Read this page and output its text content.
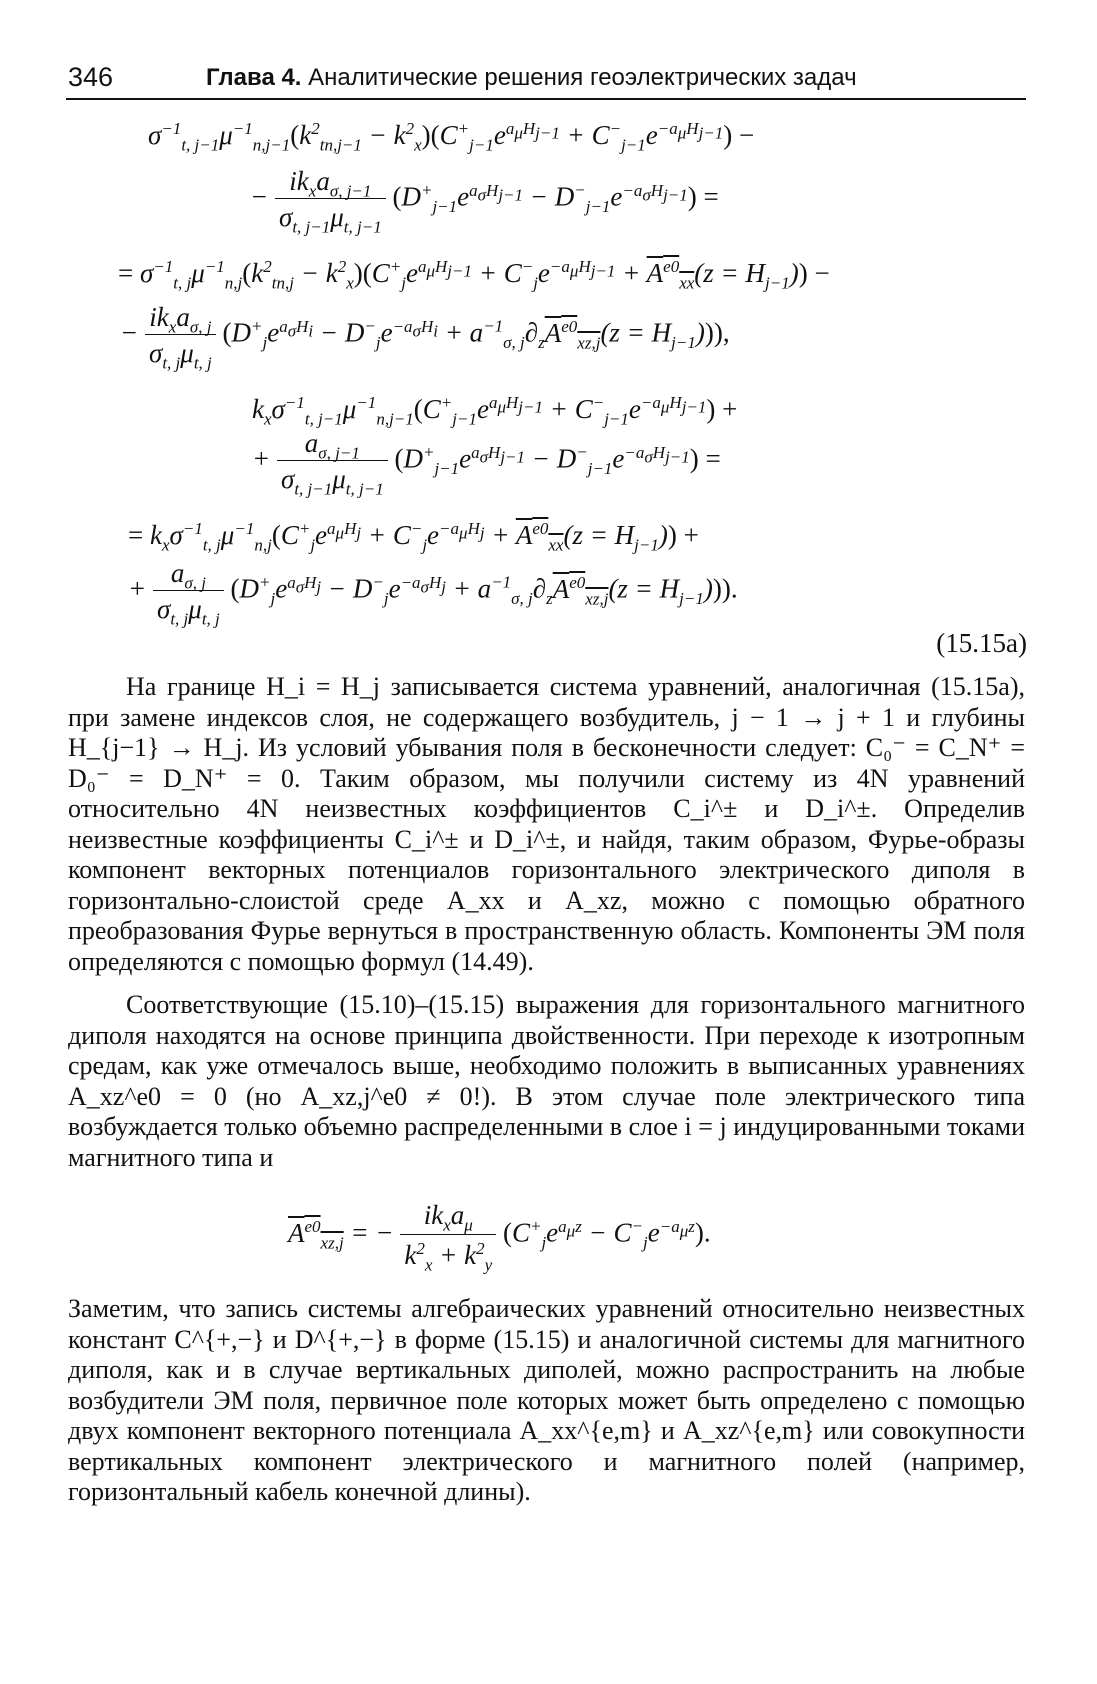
346	Глава 4. Аналитические решения геоэлектрических задач
$\sigma^{-1}_{t, j-1}\mu^{-1}_{n,j-1}(k^2_{tn,j-1} - k^2_x)(C^+_{j-1}e^{a_\mu H_{j-1}} + C^-_{j-1}e^{-a_\mu H_{j-1}})$ −
− $\frac{ik_xa_{\sigma, j-1}}{\sigma_{t, j-1}\mu_{t, j-1}} (D^+_{j-1}e^{a_\sigma H_{j-1}} - D^-_{j-1}e^{-a_\sigma H_{j-1}})$ =
= $\sigma^{-1}_{t, j}\mu^{-1}_{n,j}(k^2_{tn,j} - k^2_x)(C^+_je^{a_\mu H_{j-1}} + C^-_je^{-a_\mu H_{j-1}} + A^{e0}_{xx}(z = H_{j-1}))$ −
− $\frac{ik_xa_{\sigma, j}}{\sigma_{t, j}\mu_{t, j}} (D^+_je^{a_\sigma H_i} - D^-_je^{-a_\sigma H_i} + a^{-1}_{\sigma, j}\partial_zA^{e0}_{xz,j}(z = H_{j-1}))$),
$k_x\sigma^{-1}_{t, j-1}\mu^{-1}_{n,j-1}(C^+_{j-1}e^{a_\mu H_{j-1}} + C^-_{j-1}e^{-a_\mu H_{j-1}})$ +
+ $\frac{a_{\sigma, j-1}}{\sigma_{t, j-1}\mu_{t, j-1}} (D^+_{j-1}e^{a_\sigma H_{j-1}} - D^-_{j-1}e^{-a_\sigma H_{j-1}})$ =
= $k_x\sigma^{-1}_{t, j}\mu^{-1}_{n,j}(C^+_je^{a_\mu H_j} + C^-_je^{-a_\mu H_j} + A^{e0}_{xx}(z = H_{j-1}))$ +
+ $\frac{a_{\sigma, j}}{\sigma_{t, j}\mu_{t, j}} (D^+_je^{a_\sigma H_j} - D^-_je^{-a_\sigma H_j} + a^{-1}_{\sigma, j}\partial_zA^{e0}_{xz,j}(z = H_{j-1}))$).
(15.15a)

На границе H_i = H_j записывается система уравнений, аналогичная (15.15а), при замене индексов слоя, не содержащего возбудитель, j − 1 → j + 1 и глубины H_{j−1} → H_j. Из условий убывания поля в бесконечности следует: C₀⁻ = C_N⁺ = D₀⁻ = D_N⁺ = 0. Таким образом, мы получили систему из 4N уравнений относительно 4N неизвестных коэффициентов C_i^± и D_i^±. Определив неизвестные коэффициенты C_i^± и D_i^±, и найдя, таким образом, Фурье-образы компонент векторных потенциалов горизонтального электрического диполя в горизонтально-слоистой среде A_xx и A_xz, можно с помощью обратного преобразования Фурье вернуться в пространственную область. Компоненты ЭМ поля определяются с помощью формул (14.49).

Соответствующие (15.10)–(15.15) выражения для горизонтального магнитного диполя находятся на основе принципа двойственности. При переходе к изотропным средам, как уже отмечалось выше, необходимо положить в выписанных уравнениях A_xz^e0 = 0 (но A_xz,j^e0 ≠ 0!). В этом случае поле электрического типа возбуждается только объемно распределенными в слое i = j индуцированными токами магнитного типа и

$A^{e0}_{xz,j}$ = − $\frac{ik_xa_\mu}{k^2_x + k^2_y} (C^+_je^{a_\mu z} - C^-_je^{-a_\mu z})$.

Заметим, что запись системы алгебраических уравнений относительно неизвестных констант C^{+,−} и D^{+,−} в форме (15.15) и аналогичной системы для магнитного диполя, как и в случае вертикальных диполей, можно распространить на любые возбудители ЭМ поля, первичное поле которых может быть определено с помощью двух компонент векторного потенциала A_xx^{e,m} и A_xz^{e,m} или совокупности вертикальных компонент электрического и магнитного полей (например, горизонтальный кабель конечной длины).
